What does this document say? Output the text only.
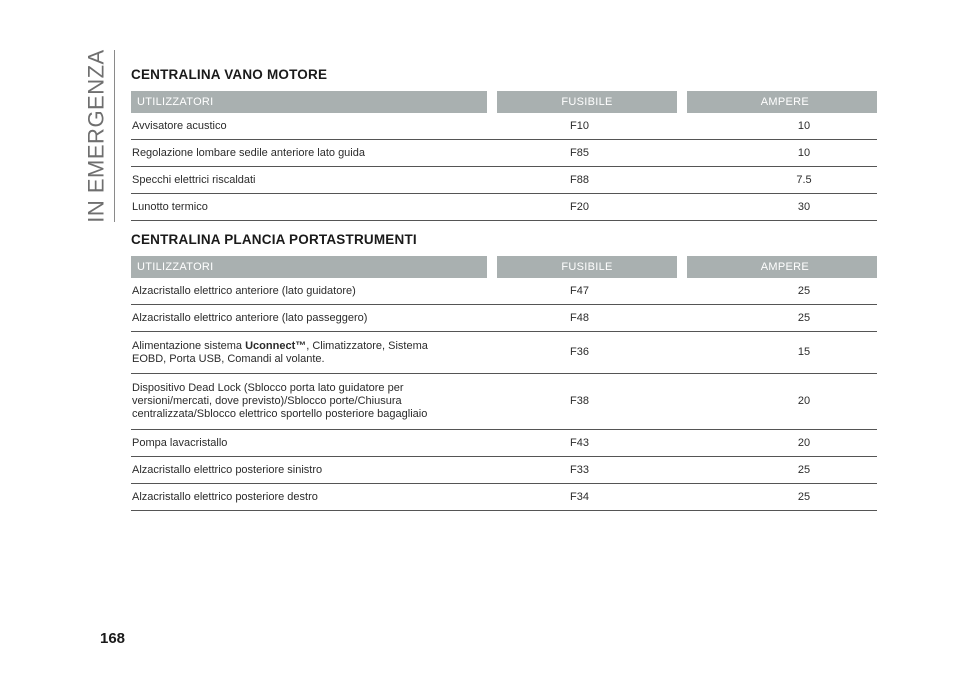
IN EMERGENZA CENTRALINA VANO MOTORE
UTILIZZATORI	FUSIBILE	AMPERE
Avvisatore acustico	F10	10
Regolazione lombare sedile anteriore lato guida	F85	10
Specchi elettrici riscaldati	F88	7.5
Lunotto termico	F20	30
CENTRALINA PLANCIA PORTASTRUMENTI
UTILIZZATORI	FUSIBILE	AMPERE
Alzacristallo elettrico anteriore (lato guidatore)	F47	25
Alzacristallo elettrico anteriore (lato passeggero)	F48	25
Alimentazione sistema Uconnect™, Climatizzatore, Sistema
EOBD, Porta USB, Comandi al volante.	F36	15
Dispositivo Dead Lock (Sblocco porta lato guidatore per
versioni/mercati, dove previsto)/Sblocco porte/Chiusura
centralizzata/Sblocco elettrico sportello posteriore bagagliaio	F38	20
Pompa lavacristallo	F43	20
Alzacristallo elettrico posteriore sinistro	F33	25
Alzacristallo elettrico posteriore destro	F34	25
168
